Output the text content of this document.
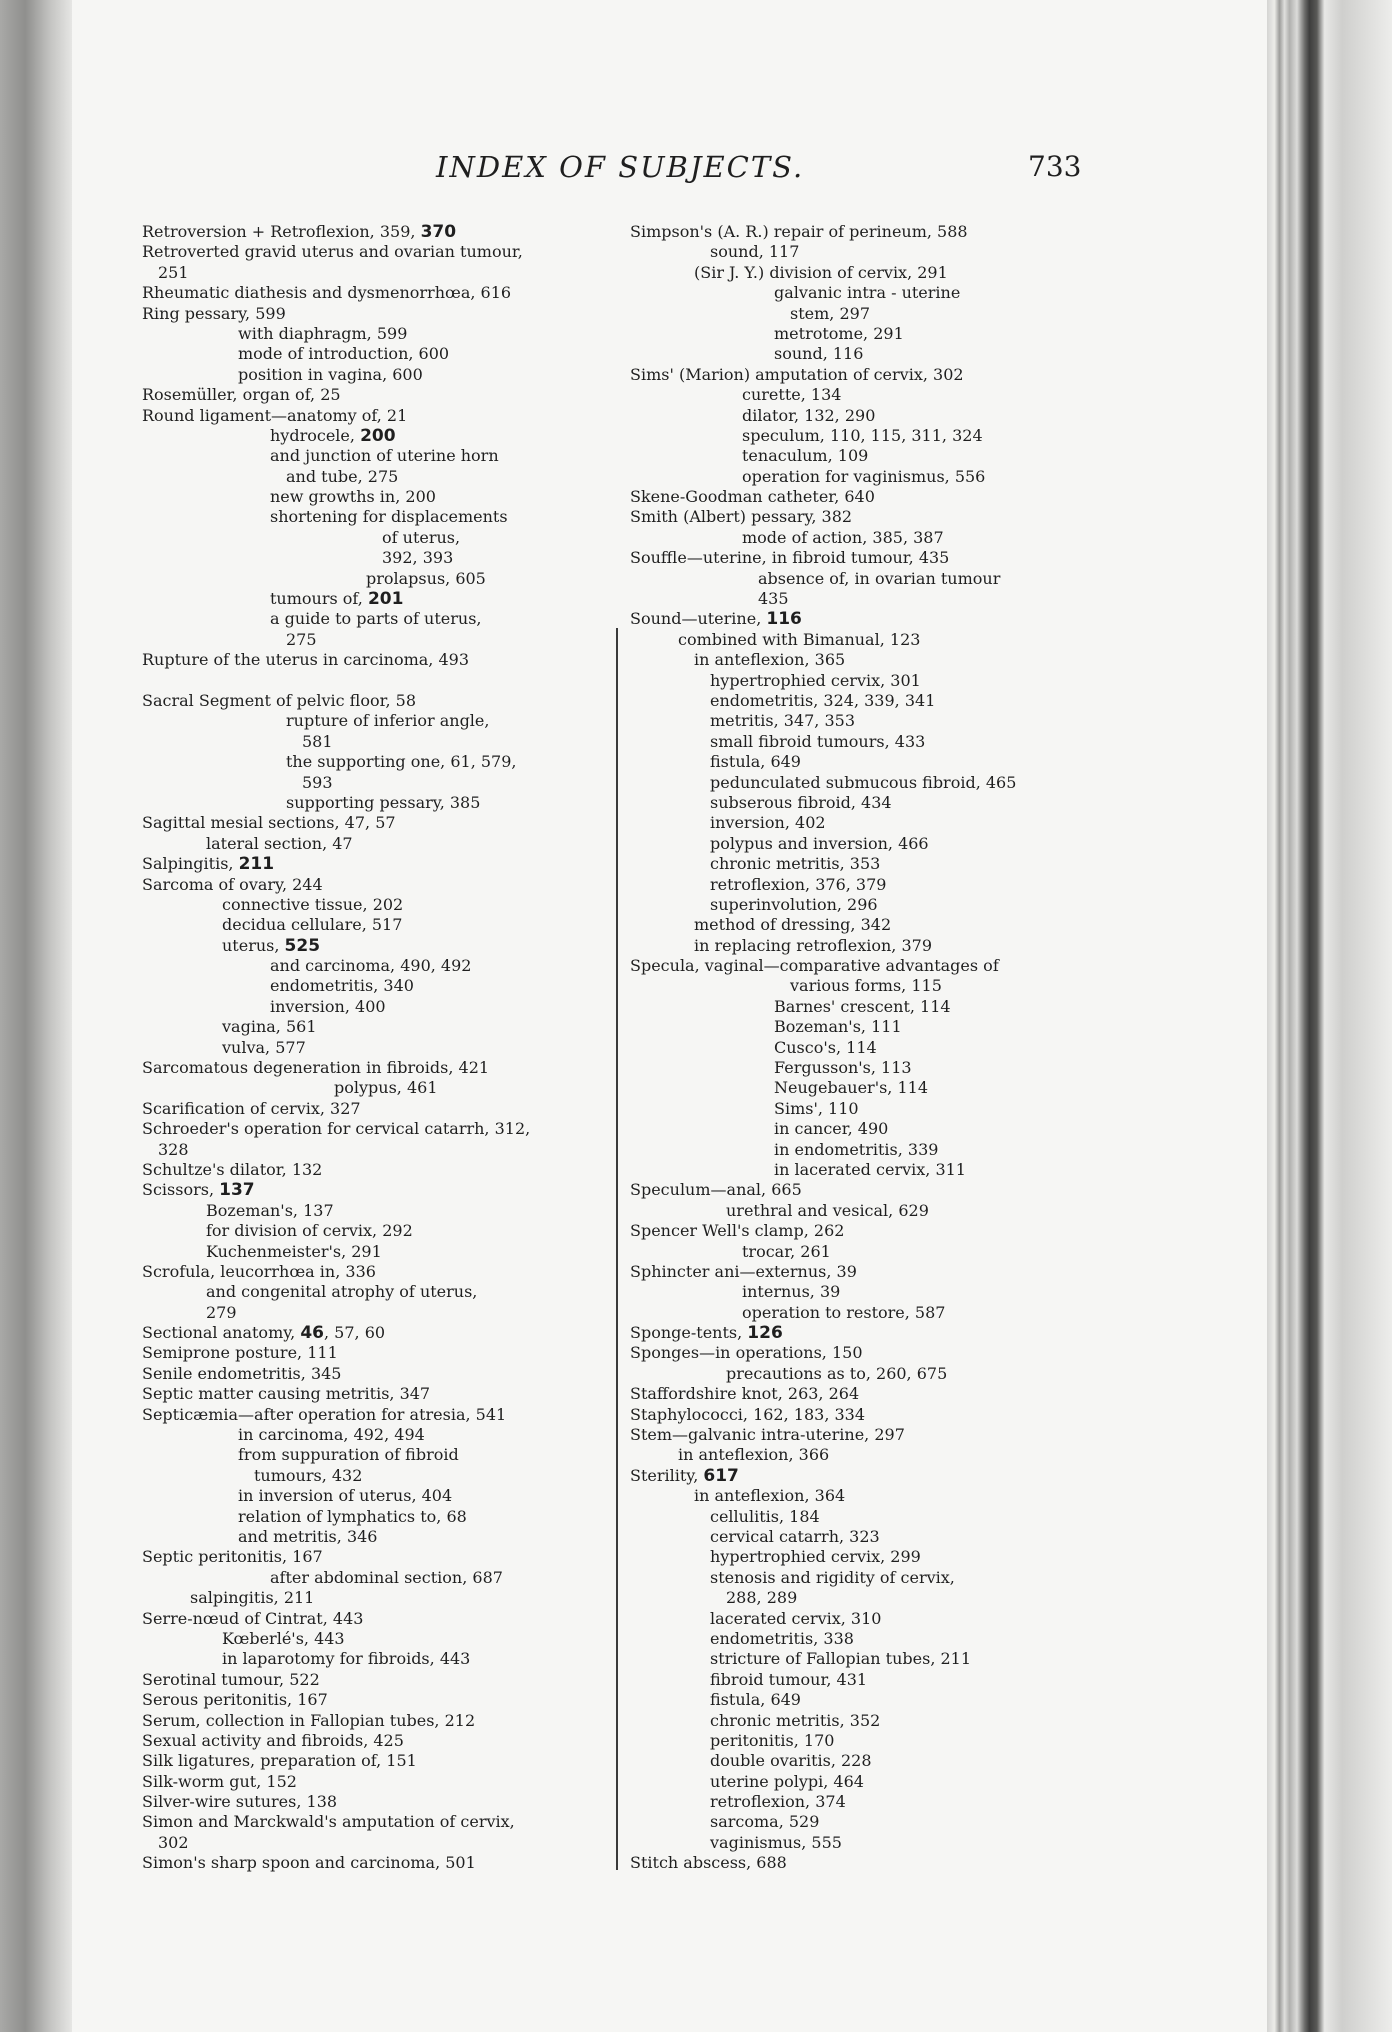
INDEX OF SUBJECTS.	733
Retroversion + Retroflexion, 359, 370
Retroverted gravid uterus and ovarian tumour,
251
Rheumatic diathesis and dysmenorrhœa, 616
Ring pessary, 599
with diaphragm, 599
mode of introduction, 600
position in vagina, 600
Rosemüller, organ of, 25
Round ligament—anatomy of, 21
hydrocele, 200
and junction of uterine horn
and tube, 275
new growths in, 200
shortening for displacements
of uterus,
392, 393
prolapsus, 605
tumours of, 201
a guide to parts of uterus,
275
Rupture of the uterus in carcinoma, 493
Sacral Segment of pelvic floor, 58
rupture of inferior angle,
581
the supporting one, 61, 579,
593
supporting pessary, 385
Sagittal mesial sections, 47, 57
lateral section, 47
Salpingitis, 211
Sarcoma of ovary, 244
connective tissue, 202
decidua cellulare, 517
uterus, 525
and carcinoma, 490, 492
endometritis, 340
inversion, 400
vagina, 561
vulva, 577
Sarcomatous degeneration in fibroids, 421
polypus, 461
Scarification of cervix, 327
Schroeder's operation for cervical catarrh, 312,
328
Schultze's dilator, 132
Scissors, 137
Bozeman's, 137
for division of cervix, 292
Kuchenmeister's, 291
Scrofula, leucorrhœa in, 336
and congenital atrophy of uterus,
279
Sectional anatomy, 46, 57, 60
Semiprone posture, 111
Senile endometritis, 345
Septic matter causing metritis, 347
Septicæmia—after operation for atresia, 541
in carcinoma, 492, 494
from suppuration of fibroid
tumours, 432
in inversion of uterus, 404
relation of lymphatics to, 68
and metritis, 346
Septic peritonitis, 167
after abdominal section, 687
salpingitis, 211
Serre-nœud of Cintrat, 443
Kœberlé's, 443
in laparotomy for fibroids, 443
Serotinal tumour, 522
Serous peritonitis, 167
Serum, collection in Fallopian tubes, 212
Sexual activity and fibroids, 425
Silk ligatures, preparation of, 151
Silk-worm gut, 152
Silver-wire sutures, 138
Simon and Marckwald's amputation of cervix,
302
Simon's sharp spoon and carcinoma, 501
Simpson's (A. R.) repair of perineum, 588
sound, 117
(Sir J. Y.) division of cervix, 291
galvanic intra - uterine
stem, 297
metrotome, 291
sound, 116
Sims' (Marion) amputation of cervix, 302
curette, 134
dilator, 132, 290
speculum, 110, 115, 311, 324
tenaculum, 109
operation for vaginismus, 556
Skene-Goodman catheter, 640
Smith (Albert) pessary, 382
mode of action, 385, 387
Souffle—uterine, in fibroid tumour, 435
absence of, in ovarian tumour
435
Sound—uterine, 116
combined with Bimanual, 123
in anteflexion, 365
hypertrophied cervix, 301
endometritis, 324, 339, 341
metritis, 347, 353
small fibroid tumours, 433
fistula, 649
pedunculated submucous fibroid, 465
subserous fibroid, 434
inversion, 402
polypus and inversion, 466
chronic metritis, 353
retroflexion, 376, 379
superinvolution, 296
method of dressing, 342
in replacing retroflexion, 379
Specula, vaginal—comparative advantages of
various forms, 115
Barnes' crescent, 114
Bozeman's, 111
Cusco's, 114
Fergusson's, 113
Neugebauer's, 114
Sims', 110
in cancer, 490
in endometritis, 339
in lacerated cervix, 311
Speculum—anal, 665
urethral and vesical, 629
Spencer Well's clamp, 262
trocar, 261
Sphincter ani—externus, 39
internus, 39
operation to restore, 587
Sponge-tents, 126
Sponges—in operations, 150
precautions as to, 260, 675
Staffordshire knot, 263, 264
Staphylococci, 162, 183, 334
Stem—galvanic intra-uterine, 297
in anteflexion, 366
Sterility, 617
in anteflexion, 364
cellulitis, 184
cervical catarrh, 323
hypertrophied cervix, 299
stenosis and rigidity of cervix,
288, 289
lacerated cervix, 310
endometritis, 338
stricture of Fallopian tubes, 211
fibroid tumour, 431
fistula, 649
chronic metritis, 352
peritonitis, 170
double ovaritis, 228
uterine polypi, 464
retroflexion, 374
sarcoma, 529
vaginismus, 555
Stitch abscess, 688
